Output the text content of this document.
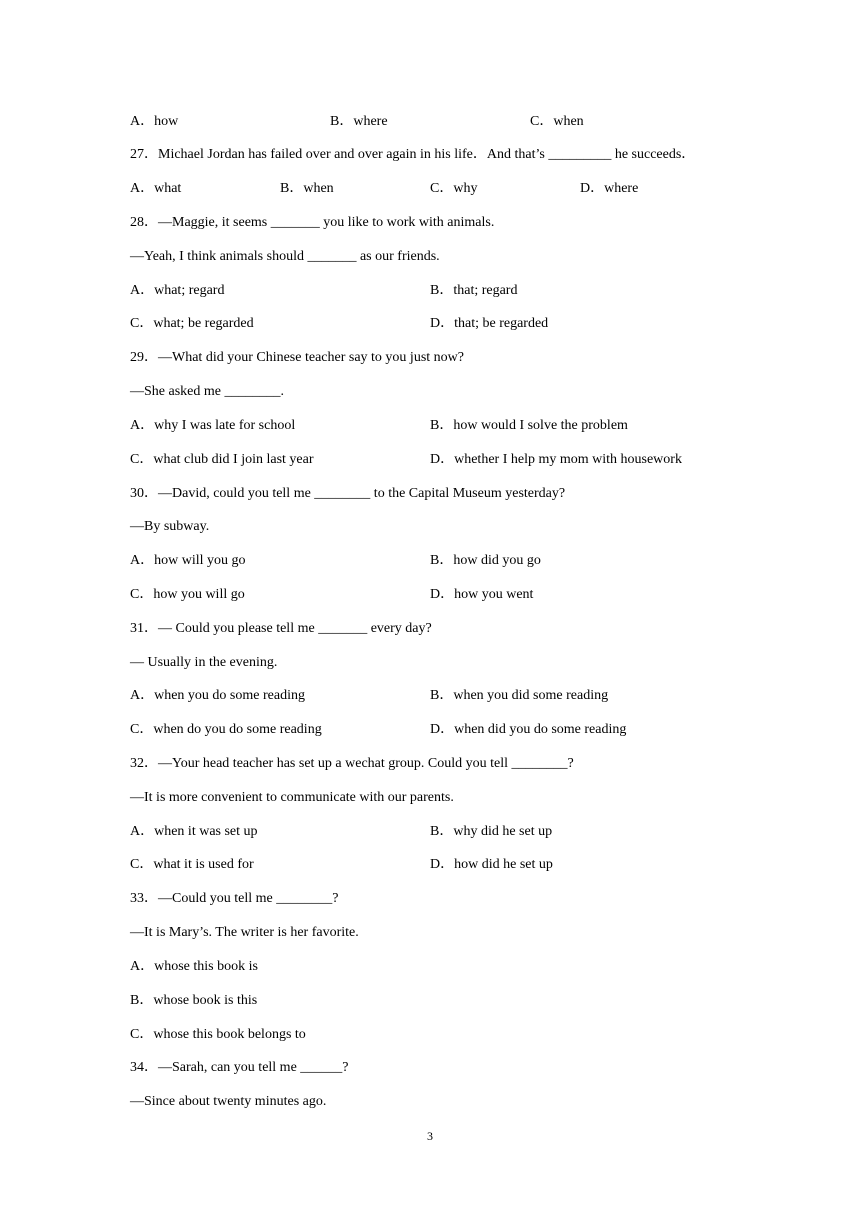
A．how	B．where	C．when
27．Michael Jordan has failed over and over again in his life．And that’s _________ he succeeds．
A．what	B．when	C．why	D．where
28．—Maggie, it seems _______ you like to work with animals.
—Yeah, I think animals should _______ as our friends.
A．what; regard	B．that; regard
C．what; be regarded	D．that; be regarded
29．—What did your Chinese teacher say to you just now?
—She asked me ________.
A．why I was late for school	B．how would I solve the problem
C．what club did I join last year	D．whether I help my mom with housework
30．—David, could you tell me ________ to the Capital Museum yesterday?
—By subway.
A．how will you go	B．how did you go
C．how you will go	D．how you went
31．— Could you please tell me _______ every day?
— Usually in the evening.
A．when you do some reading	B．when you did some reading
C．when do you do some reading	D．when did you do some reading
32．—Your head teacher has set up a wechat group. Could you tell ________?
—It is more convenient to communicate with our parents.
A．when it was set up	B．why did he set up
C．what it is used for	D．how did he set up
33．—Could you tell me ________?
—It is Mary’s. The writer is her favorite.
A．whose this book is
B．whose book is this
C．whose this book belongs to
34．—Sarah, can you tell me ______?
—Since about twenty minutes ago.
3
